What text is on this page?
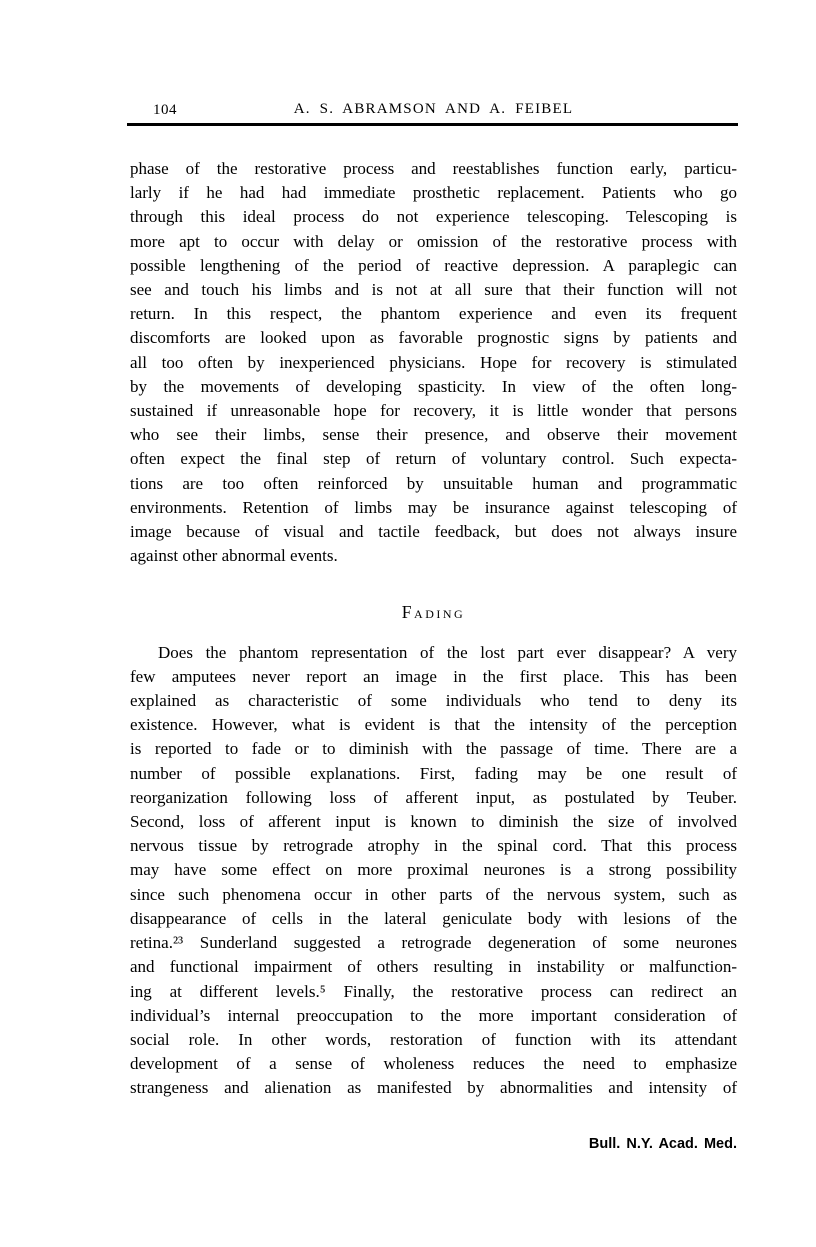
104	A. S. ABRAMSON AND A. FEIBEL
phase of the restorative process and reestablishes function early, particu-
larly if he had had immediate prosthetic replacement. Patients who go
through this ideal process do not experience telescoping. Telescoping is
more apt to occur with delay or omission of the restorative process with
possible lengthening of the period of reactive depression. A paraplegic can
see and touch his limbs and is not at all sure that their function will not
return. In this respect, the phantom experience and even its frequent
discomforts are looked upon as favorable prognostic signs by patients and
all too often by inexperienced physicians. Hope for recovery is stimulated
by the movements of developing spasticity. In view of the often long-
sustained if unreasonable hope for recovery, it is little wonder that persons
who see their limbs, sense their presence, and observe their movement
often expect the final step of return of voluntary control. Such expecta-
tions are too often reinforced by unsuitable human and programmatic
environments. Retention of limbs may be insurance against telescoping of
image because of visual and tactile feedback, but does not always insure
against other abnormal events.
Fading
Does the phantom representation of the lost part ever disappear? A very
few amputees never report an image in the first place. This has been
explained as characteristic of some individuals who tend to deny its
existence. However, what is evident is that the intensity of the perception
is reported to fade or to diminish with the passage of time. There are a
number of possible explanations. First, fading may be one result of
reorganization following loss of afferent input, as postulated by Teuber.
Second, loss of afferent input is known to diminish the size of involved
nervous tissue by retrograde atrophy in the spinal cord. That this process
may have some effect on more proximal neurones is a strong possibility
since such phenomena occur in other parts of the nervous system, such as
disappearance of cells in the lateral geniculate body with lesions of the
retina.²³ Sunderland suggested a retrograde degeneration of some neurones
and functional impairment of others resulting in instability or malfunction-
ing at different levels.⁵ Finally, the restorative process can redirect an
individual’s internal preoccupation to the more important consideration of
social role. In other words, restoration of function with its attendant
development of a sense of wholeness reduces the need to emphasize
strangeness and alienation as manifested by abnormalities and intensity of
Bull. N.Y. Acad. Med.
